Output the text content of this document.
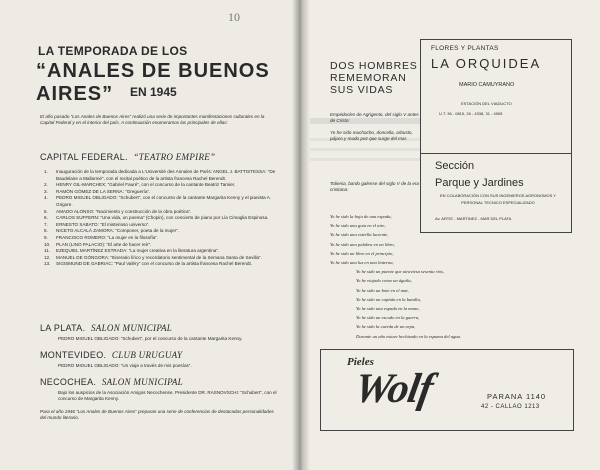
10
LA TEMPORADA DE LOS
“ANALES DE BUENOS AIRES”	EN 1945

El año pasado “Los Anales de Buenos Aires” realizó una serie de importantes manifestaciones culturales en la Capital Federal y en el interior del país. A continuación enumeramos las principales de ellas:

CAPITAL FEDERAL. “TEATRO EMPIRE”
1.	Inauguración de la temporada dedicada a L'Université des Annales de París: ANGEL J. BATTISTESSA: “De Baudelaire a Mallarmé”, con el recital poético de la artista francesa Rachel Berendt.
2.	HENRY GIL-MARCHEX: “Gabriel Fauré”, con el concurso de la cantante Beatriz Tamier.
3.	RAMÓN GÓMEZ DE LA SERNA: “Greguería”.
4.	PEDRO MIGUEL OBLIGADO: “Schubert”, con el concurso de la cantante Margarita Kenny y el pianista A. Grigore.
5.	AMADO ALONSO: “Nacimiento y construcción de la obra poética”.
6.	CARLOS SUFFERN: “Una vida, un poema” (Chopin), con concierto de piano por Lía Cimaglia Espinosa.
7.	ERNESTO SABATO: “El misterioso universo”.
8.	NICETO ALCALÁ ZAMORA: “Componer, poeta de la mujer”.
9.	FRANCISCO ROMERO: “La mujer en la filosofía”.
10.	PLAN (LINO PALACIO): “El arte de hacer reír”.
11.	EZEQUIEL MARTÍNEZ ESTRADA: “La mujer creativa en la literatura argentina”.
12.	MANUEL DE GÓNGORA: “Itinerario lírico y recordatorio sentimental de la Semana Santa de Sevilla”.
13.	SIGISMUND DE GABRIAC: “Paul Valéry” con el concurso de la artista francesa Rachel Berendt.
LA PLATA. SALON MUNICIPAL

PEDRO MIGUEL OBLIGADO: “Schubert”, por el concurso de la cantante Margarita Kenny.

MONTEVIDEO. CLUB URUGUAY

PEDRO MIGUEL OBLIGADO: “Un viaje a través de mis poesías”.

NECOCHEA. SALON MUNICIPAL

Bajo los auspicios de la Asociación Amigos Necochense, Presidente DR. RASNOVSCHI: “Schubert”, con el concurso de Margarita Kenny.

Para el año 1946 “Los Anales de Buenos Aires” preparan una serie de conferencias de destacadas personalidades del mundo literario.

DOS HOMBRES
REMEMORAN
SUS VIDAS

Empédocles de Agrigento, del siglo V antes de Cristo:

Yo he sido muchacho, doncella, arbusto, pájaro y mudo pez que surge del mar.

Tolienia, bardo galense del siglo V de la era cristiana:

Yo he sido la hoja de una espada,
Yo he sido una gota en el aire,
Yo he sido una estrella luciente,
Yo he sido una palabra en un libro,
Yo he sido un libro en el principio,
Yo he sido una luz en una linterna,
Yo he sido un puente que atraviesa sesenta ríos,
Yo he viajado como un águila,
Yo he sido un bote en el mar,
Yo he sido un capitán en la batalla,
Yo he sido una espada en la mano,
Yo he sido un escudo en la guerra,
Yo he sido la cuerda de un arpa,
Durante un año estuve hechizado en la espuma del agua.
FLORES Y PLANTAS
LA ORQUIDEA
MARIO CAMUYRANO
ESTACIÓN DEL VIADUCTO
U.T. 36 - 0815, 26 - 4338, 31 - 4905
Sección
Parque y Jardines
EN COLABORACIÓN CON SUS INGENIEROS AGRONOMOS Y PERSONAL TECNICO ESPECIALIZADO
Av. ARTIE - MARTINEZ - MAR DEL PLATA
Pieles
Wolf	PARANA 1140
42 - CALLAO 1213
